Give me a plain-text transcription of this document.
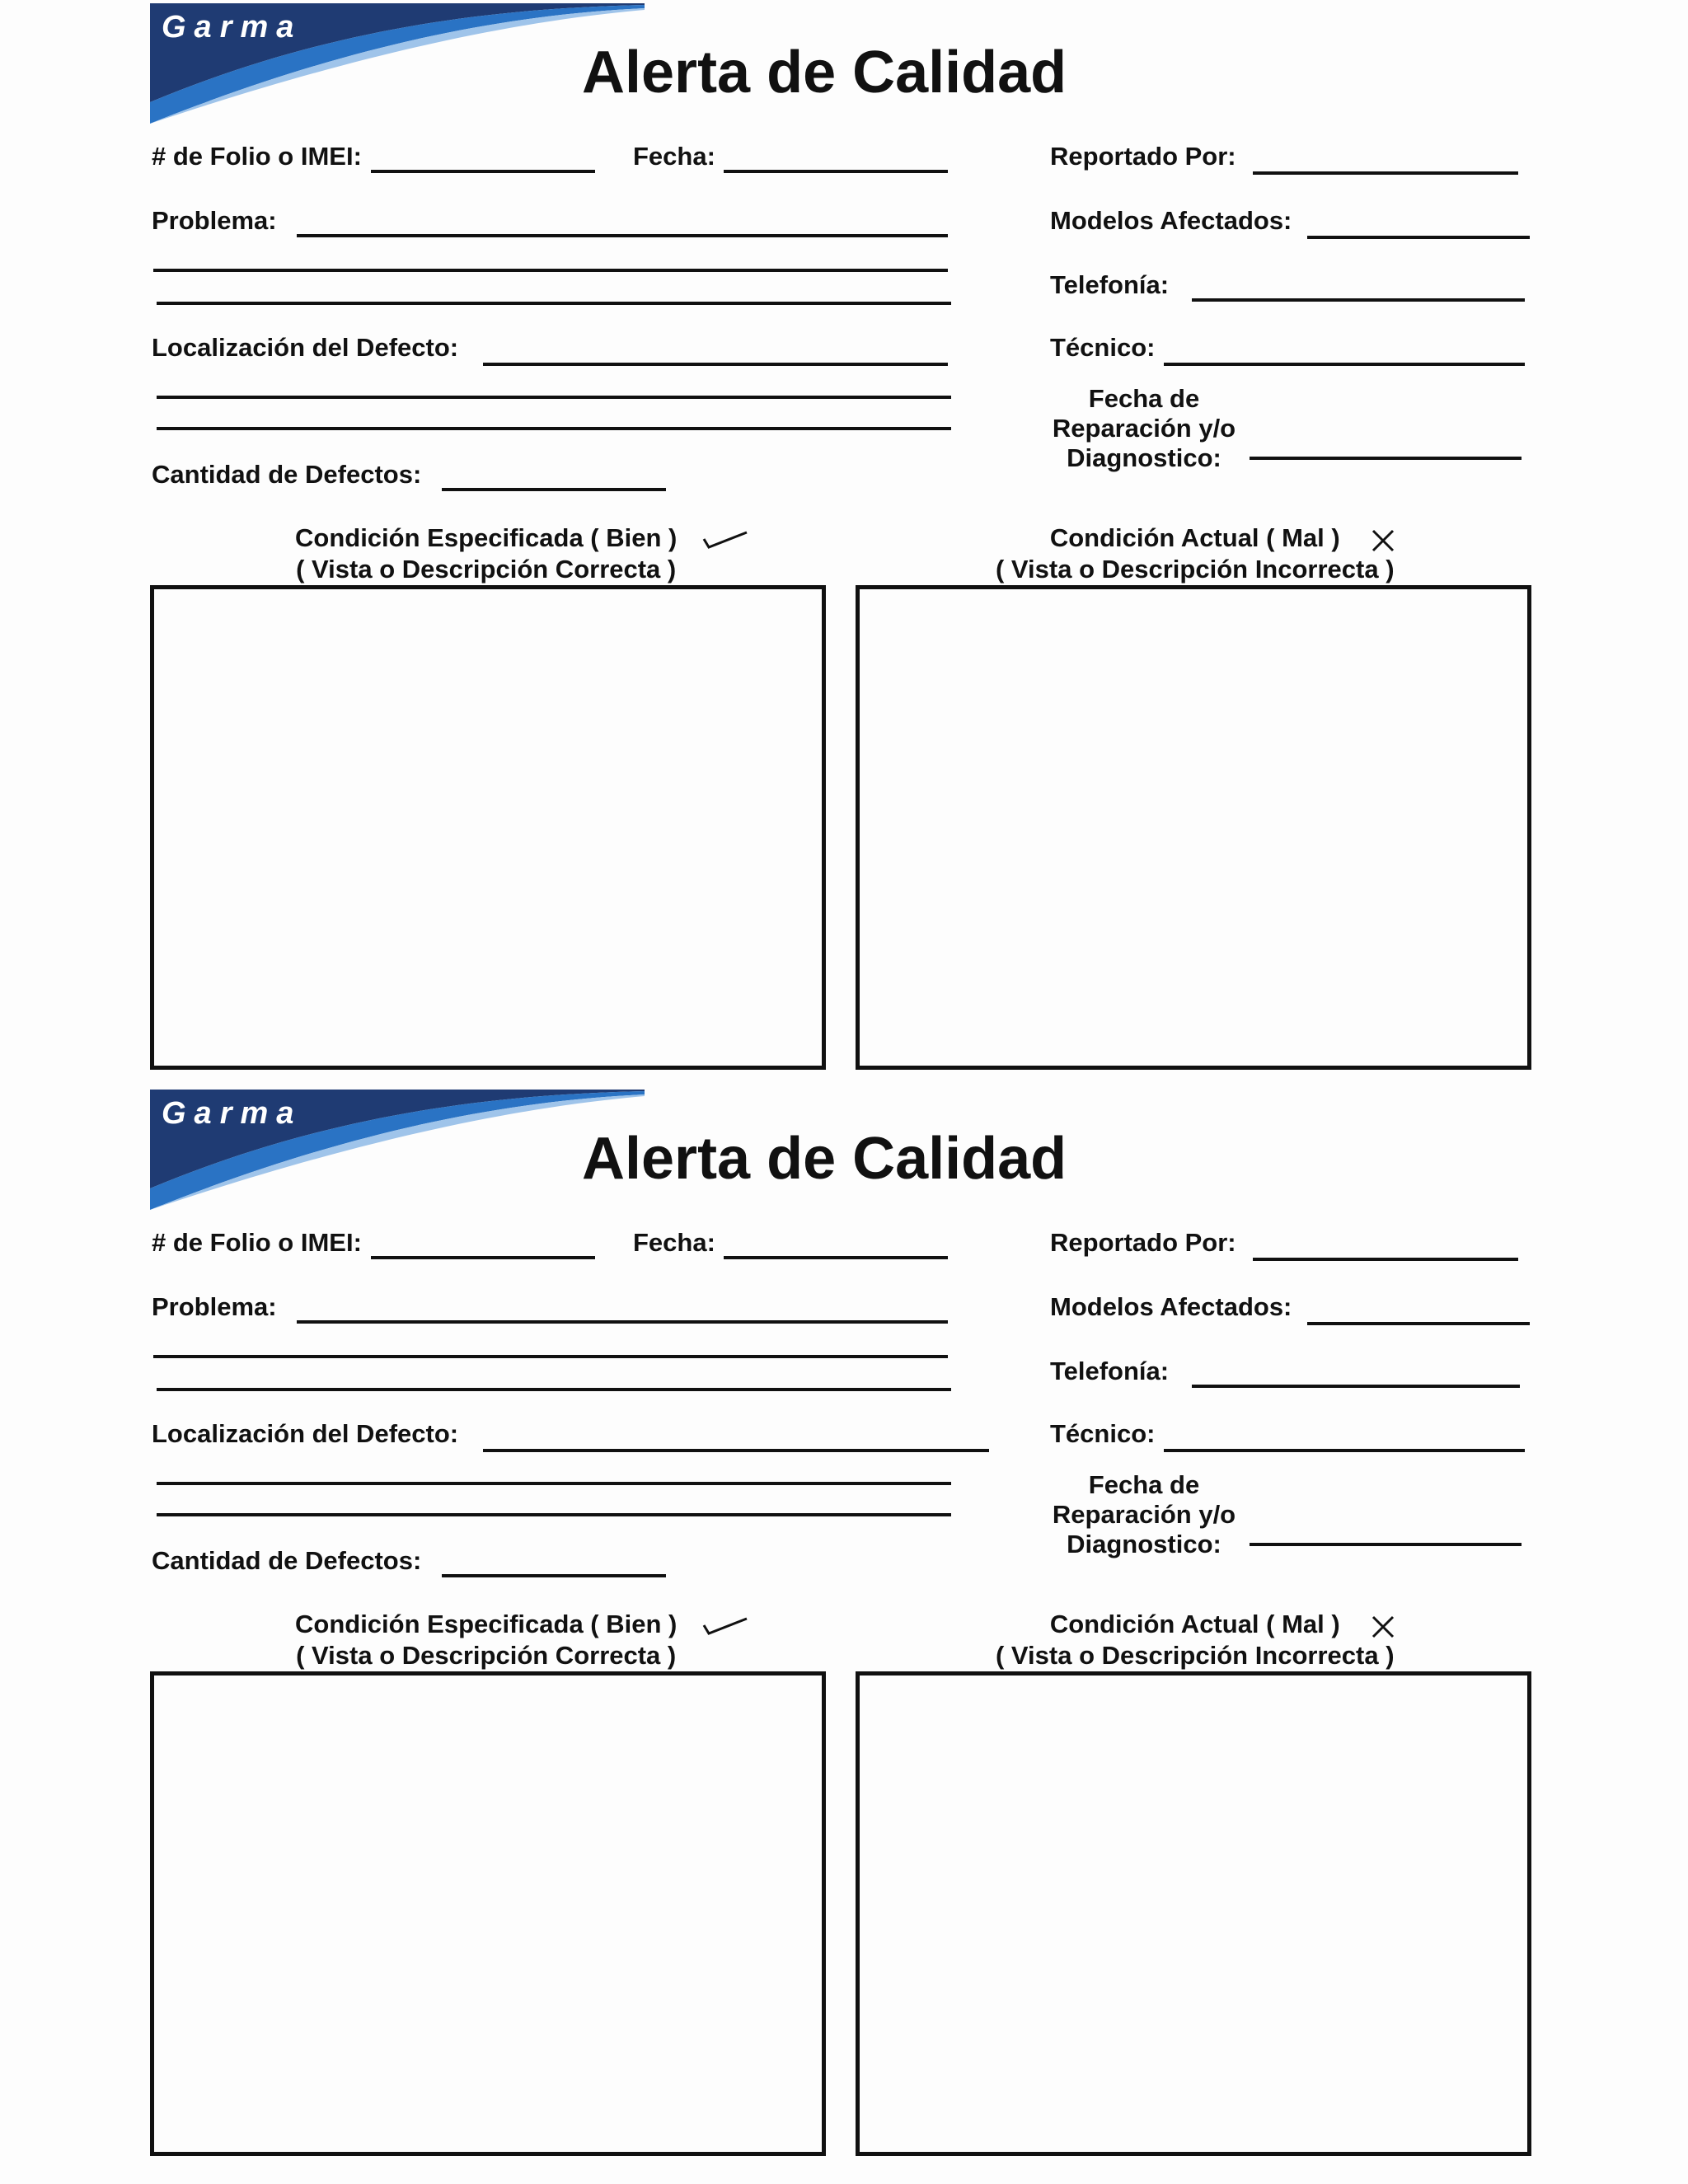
Garma
Alerta de Calidad
# de Folio o IMEI:	Fecha:	Reportado Por:
Problema:	Modelos Afectados:
Telefonía:
Localización del Defecto:	Técnico:
Fecha de Reparación y/o Diagnostico:
Cantidad de Defectos:
Condición Especificada ( Bien )
( Vista o Descripción Correcta )
Condición Actual ( Mal )
( Vista o Descripción Incorrecta )
Garma
Alerta de Calidad
# de Folio o IMEI:	Fecha:	Reportado Por:
Problema:	Modelos Afectados:
Telefonía:
Localización del Defecto:	Técnico:
Fecha de Reparación y/o Diagnostico:
Cantidad de Defectos:
Condición Especificada ( Bien )
( Vista o Descripción Correcta )
Condición Actual ( Mal )
( Vista o Descripción Incorrecta )
